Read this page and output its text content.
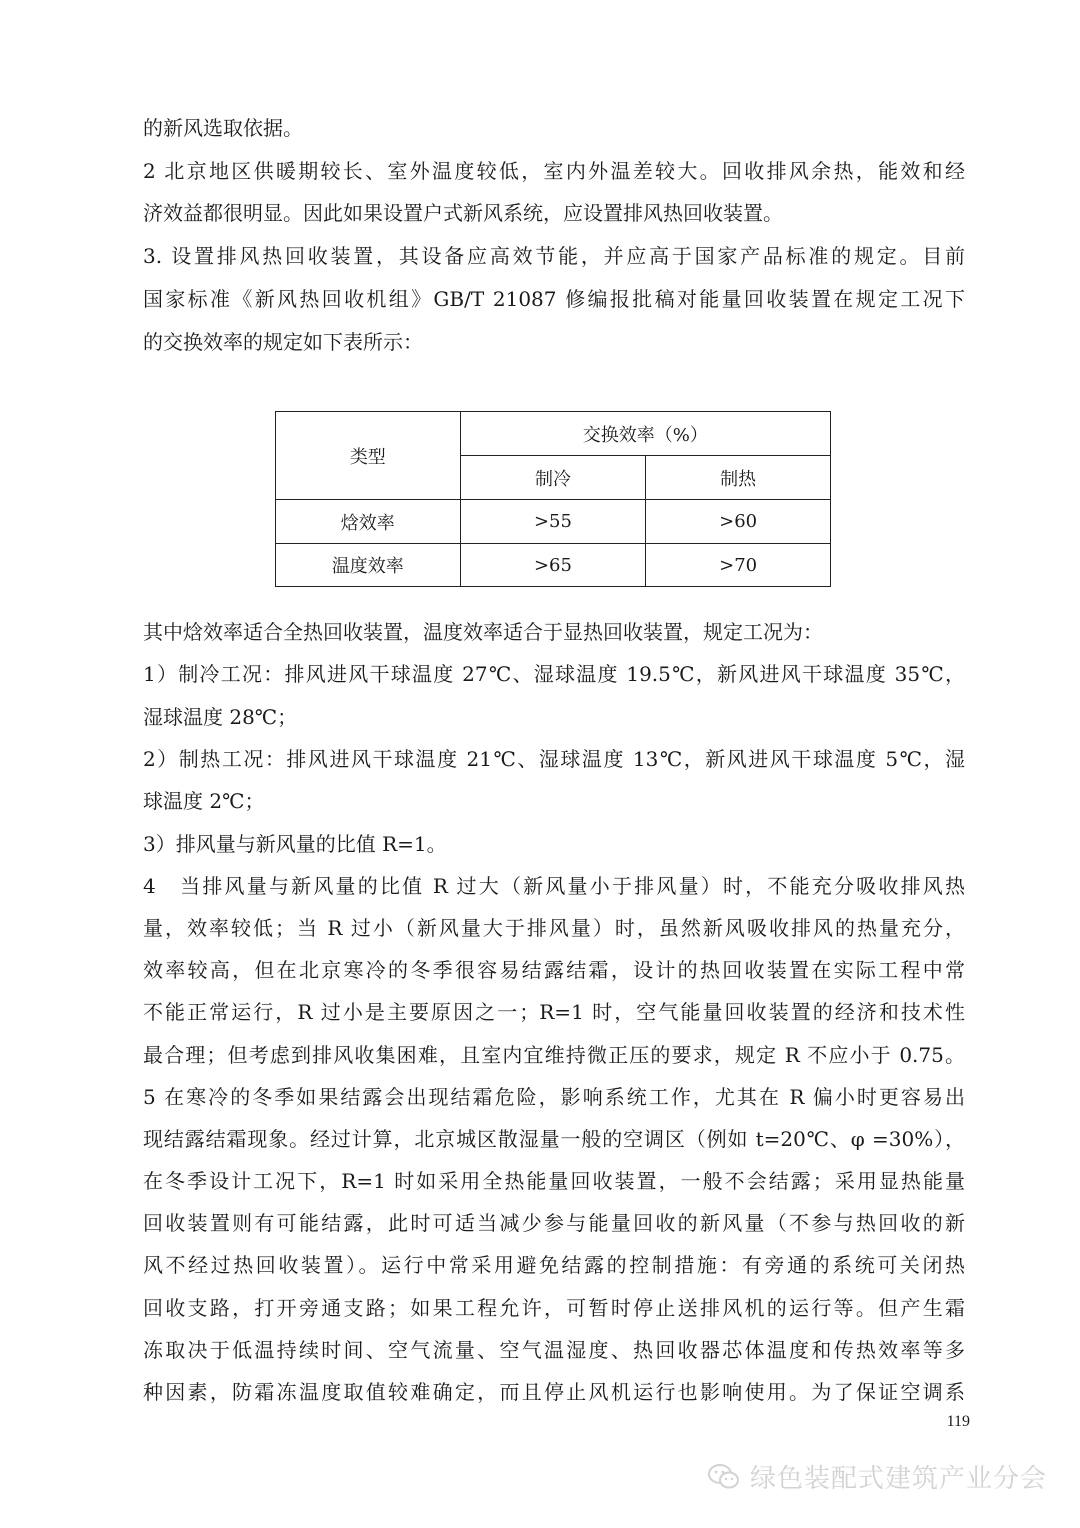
的新风选取依据。
2 北京地区供暖期较长、室外温度较低，室内外温差较大。回收排风余热，能效和经
济效益都很明显。因此如果设置户式新风系统，应设置排风热回收装置。
3. 设置排风热回收装置，其设备应高效节能，并应高于国家产品标准的规定。目前
国家标准《新风热回收机组》GB/T 21087 修编报批稿对能量回收装置在规定工况下
的交换效率的规定如下表所示：
类型	交换效率（%）	
	制冷	制热
焓效率	>55	>60
温度效率	>65	>70
其中焓效率适合全热回收装置，温度效率适合于显热回收装置，规定工况为：
1）制冷工况：排风进风干球温度 27℃、湿球温度 19.5℃，新风进风干球温度 35℃，
湿球温度 28℃；
2）制热工况：排风进风干球温度 21℃、湿球温度 13℃，新风进风干球温度 5℃，湿
球温度 2℃；
3）排风量与新风量的比值 R=1。
4　当排风量与新风量的比值 R 过大（新风量小于排风量）时，不能充分吸收排风热
量，效率较低；当 R 过小（新风量大于排风量）时，虽然新风吸收排风的热量充分，
效率较高，但在北京寒冷的冬季很容易结露结霜，设计的热回收装置在实际工程中常
不能正常运行，R 过小是主要原因之一；R=1 时，空气能量回收装置的经济和技术性
最合理；但考虑到排风收集困难，且室内宜维持微正压的要求，规定 R 不应小于 0.75。
5 在寒冷的冬季如果结露会出现结霜危险，影响系统工作，尤其在 R 偏小时更容易出
现结露结霜现象。经过计算，北京城区散湿量一般的空调区（例如 t=20℃、φ =30%），
在冬季设计工况下，R=1 时如采用全热能量回收装置，一般不会结露；采用显热能量
回收装置则有可能结露，此时可适当减少参与能量回收的新风量（不参与热回收的新
风不经过热回收装置）。运行中常采用避免结露的控制措施：有旁通的系统可关闭热
回收支路，打开旁通支路；如果工程允许，可暂时停止送排风机的运行等。但产生霜
冻取决于低温持续时间、空气流量、空气温湿度、热回收器芯体温度和传热效率等多
种因素，防霜冻温度取值较难确定，而且停止风机运行也影响使用。为了保证空调系
119
绿色装配式建筑产业分会
